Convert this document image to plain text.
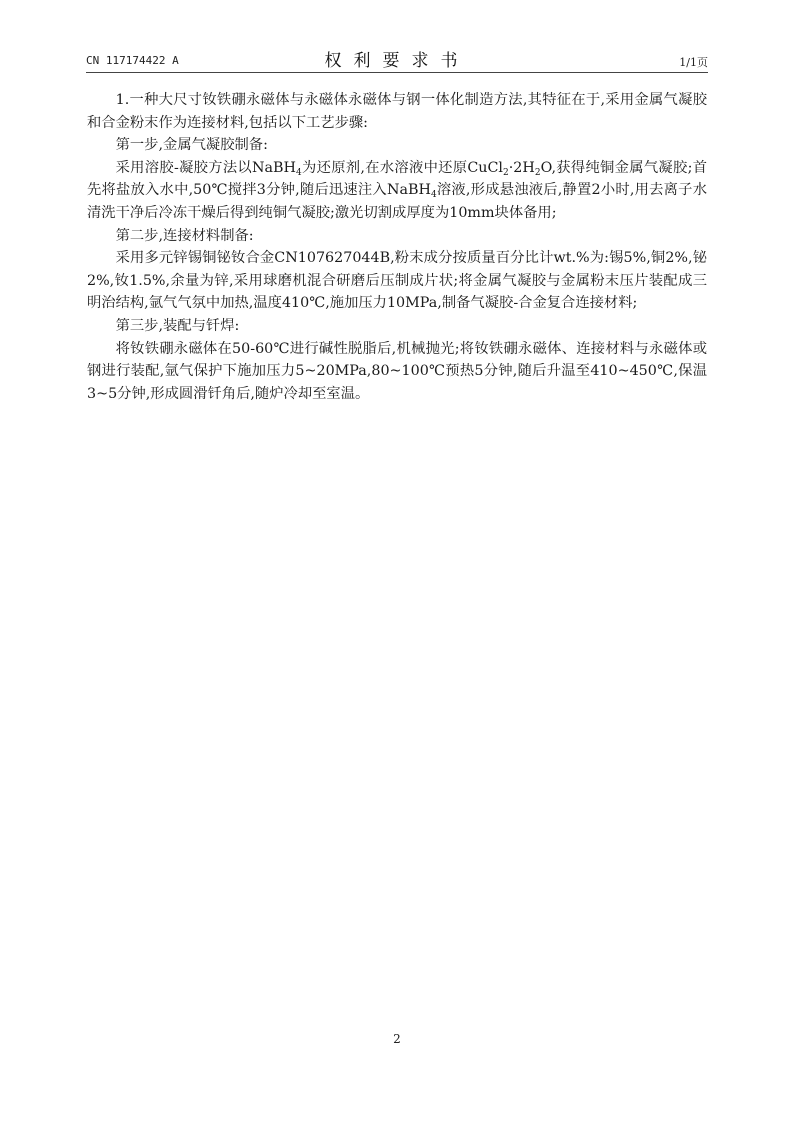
CN 117174422 A	权利要求书	1/1页

1.一种大尺寸钕铁硼永磁体与永磁体永磁体与钢一体化制造方法,其特征在于,采用金属气凝胶和合金粉末作为连接材料,包括以下工艺步骤:

第一步,金属气凝胶制备:

采用溶胶-凝胶方法以NaBH$_4$为还原剂,在水溶液中还原$CuCl_2\cdot 2H_2O$,获得纯铜金属气凝胶;首先将盐放入水中,50℃搅拌3分钟,随后迅速注入NaBH$_4$溶液,形成悬浊液后,静置2小时,用去离子水清洗干净后冷冻干燥后得到纯铜气凝胶;激光切割成厚度为10mm块体备用;

第二步,连接材料制备:

采用多元锌锡铜铋钕合金CN107627044B,粉末成分按质量百分比计wt.%为:锡5%,铜2%,铋2%,钕1.5%,余量为锌,采用球磨机混合研磨后压制成片状;将金属气凝胶与金属粉末压片装配成三明治结构,氩气气氛中加热,温度410℃,施加压力10MPa,制备气凝胶-合金复合连接材料;

第三步,装配与钎焊:

将钕铁硼永磁体在50-60℃进行碱性脱脂后,机械抛光;将钕铁硼永磁体、连接材料与永磁体或钢进行装配,氩气保护下施加压力5~20MPa,80~100℃预热5分钟,随后升温至410~450℃,保温3~5分钟,形成圆滑钎角后,随炉冷却至室温。

2
